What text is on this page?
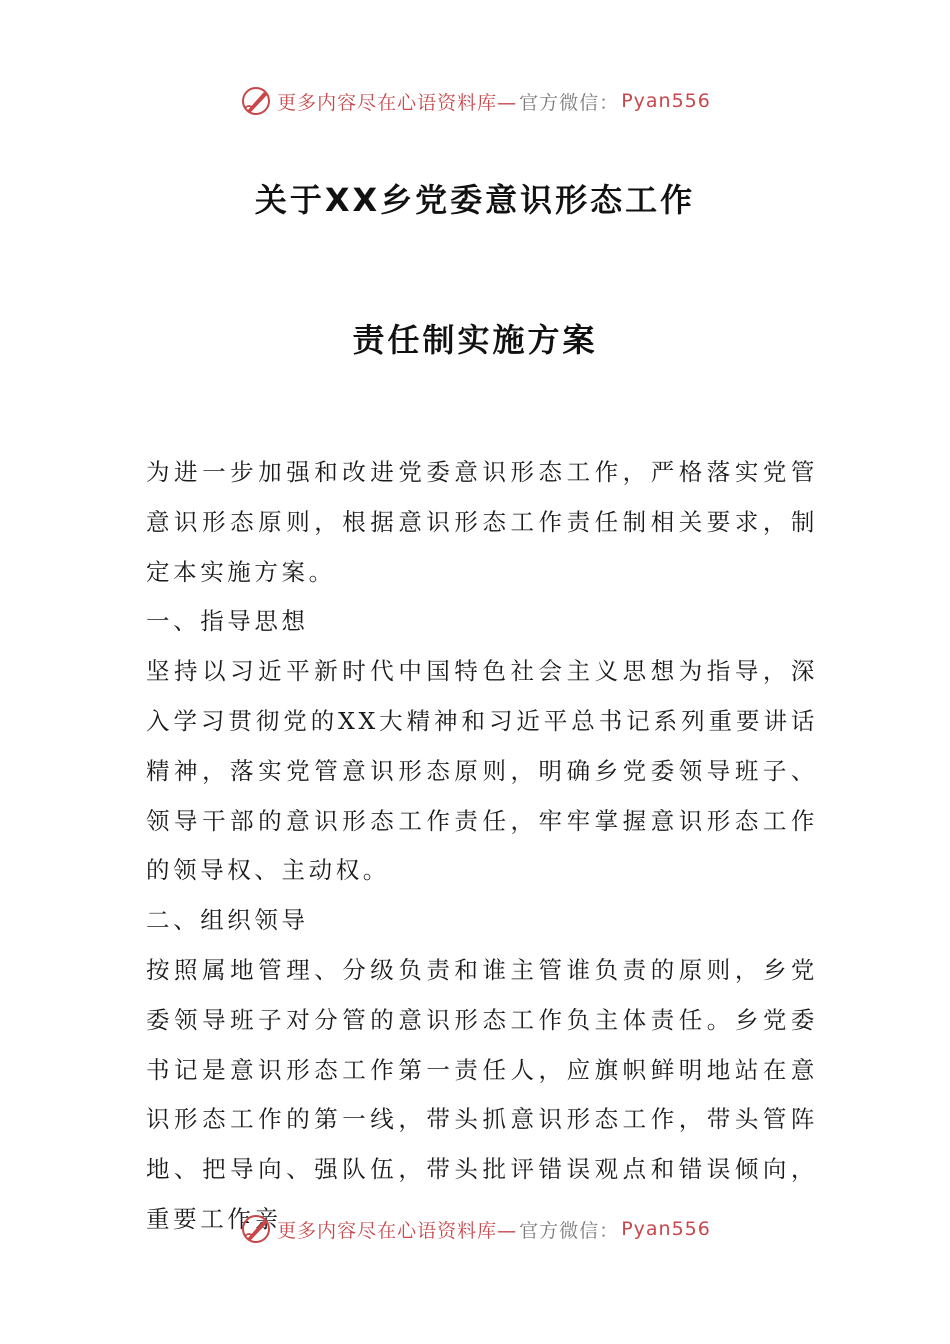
更多内容尽在心语资料库— 官方微信： Pyan556
关于XX乡党委意识形态工作
责任制实施方案

为进一步加强和改进党委意识形态工作，严格落实党管意识形态原则，根据意识形态工作责任制相关要求，制定本实施方案。

一、指导思想

坚持以习近平新时代中国特色社会主义思想为指导，深入学习贯彻党的XX大精神和习近平总书记系列重要讲话精神，落实党管意识形态原则，明确乡党委领导班子、领导干部的意识形态工作责任，牢牢掌握意识形态工作的领导权、主动权。

二、组织领导

按照属地管理、分级负责和谁主管谁负责的原则，乡党委领导班子对分管的意识形态工作负主体责任。乡党委书记是意识形态工作第一责任人，应旗帜鲜明地站在意识形态工作的第一线，带头抓意识形态工作，带头管阵地、把导向、强队伍，带头批评错误观点和错误倾向，重要工作亲

更多内容尽在心语资料库— 官方微信： Pyan556
